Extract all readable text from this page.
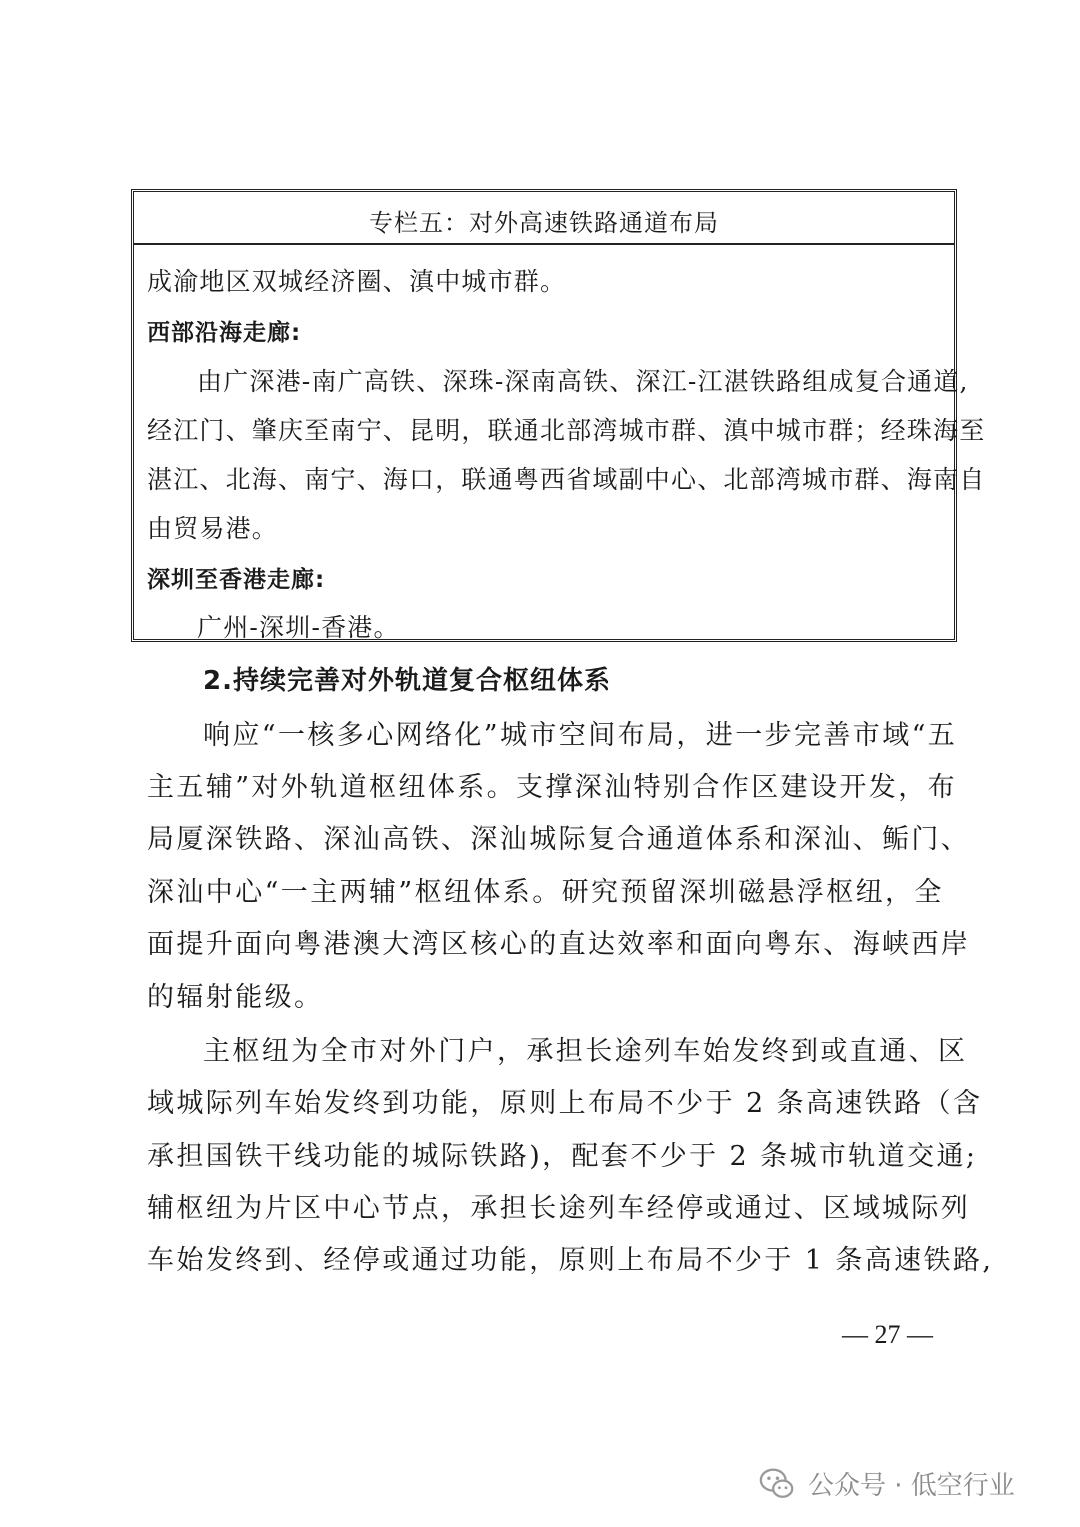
专栏五：对外高速铁路通道布局
成渝地区双城经济圈、滇中城市群。
西部沿海走廊:
由广深港-南广高铁、深珠-深南高铁、深江-江湛铁路组成复合通道,
经江门、肇庆至南宁、昆明，联通北部湾城市群、滇中城市群；经珠海至
湛江、北海、南宁、海口，联通粤西省域副中心、北部湾城市群、海南自
由贸易港。
深圳至香港走廊:
广州-深圳-香港。
2.持续完善对外轨道复合枢纽体系
响应“一核多心网络化”城市空间布局，进一步完善市域“五
主五辅”对外轨道枢纽体系。支撑深汕特别合作区建设开发，布
局厦深铁路、深汕高铁、深汕城际复合通道体系和深汕、鲘门、
深汕中心“一主两辅”枢纽体系。研究预留深圳磁悬浮枢纽，全
面提升面向粤港澳大湾区核心的直达效率和面向粤东、海峡西岸
的辐射能级。
主枢纽为全市对外门户，承担长途列车始发终到或直通、区
域城际列车始发终到功能，原则上布局不少于 2 条高速铁路（含
承担国铁干线功能的城际铁路)，配套不少于 2 条城市轨道交通;
辅枢纽为片区中心节点，承担长途列车经停或通过、区域城际列
车始发终到、经停或通过功能，原则上布局不少于 1 条高速铁路,
— 27 —
公众号 · 低空行业
